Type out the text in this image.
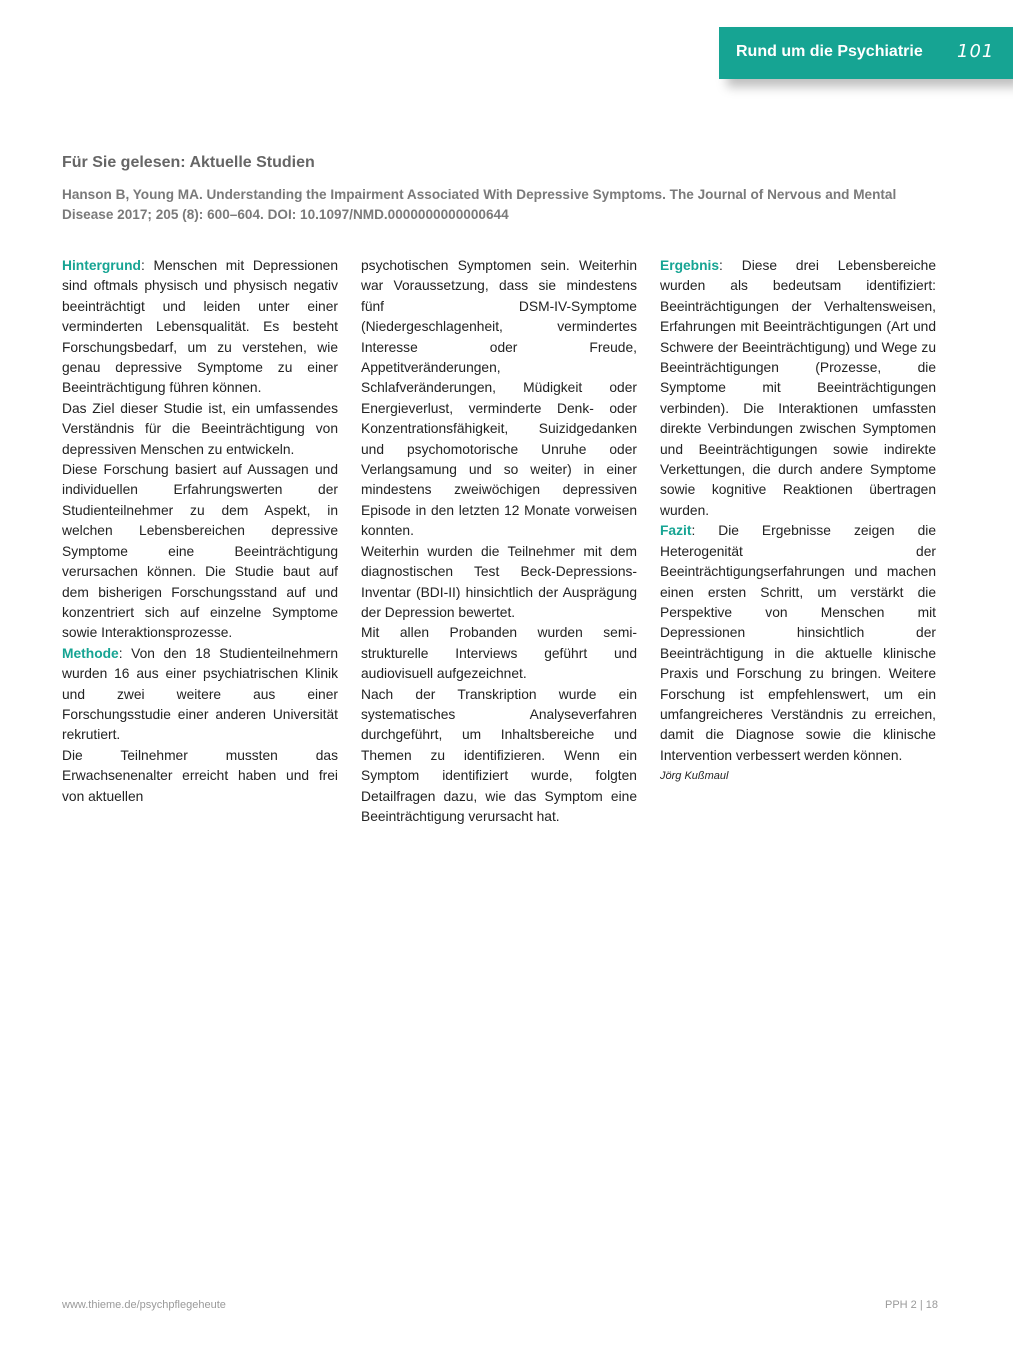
Rund um die Psychiatrie 101
Für Sie gelesen: Aktuelle Studien
Hanson B, Young MA. Understanding the Impairment Associated With Depressive Symptoms. The Journal of Nervous and Mental Disease 2017; 205 (8): 600–604. DOI: 10.1097/NMD.0000000000000644

Hintergrund: Menschen mit Depressionen sind oftmals physisch und physisch negativ beeinträchtigt und leiden unter einer verminderten Lebensqualität. Es besteht Forschungsbedarf, um zu verstehen, wie genau depressive Symptome zu einer Beeinträchtigung führen können.

Das Ziel dieser Studie ist, ein umfassendes Verständnis für die Beeinträchtigung von depressiven Menschen zu entwickeln.

Diese Forschung basiert auf Aussagen und individuellen Erfahrungswerten der Studienteilnehmer zu dem Aspekt, in welchen Lebensbereichen depressive Symptome eine Beeinträchtigung verursachen können. Die Studie baut auf dem bisherigen Forschungsstand auf und konzentriert sich auf einzelne Symptome sowie Interaktionsprozesse.

Methode: Von den 18 Studienteilnehmern wurden 16 aus einer psychiatrischen Klinik und zwei weitere aus einer Forschungsstudie einer anderen Universität rekrutiert.

Die Teilnehmer mussten das Erwachsenenalter erreicht haben und frei von aktuellen

psychotischen Symptomen sein. Weiterhin war Voraussetzung, dass sie mindestens fünf DSM-IV-Symptome (Niedergeschlagenheit, vermindertes Interesse oder Freude, Appetitveränderungen, Schlafveränderungen, Müdigkeit oder Energieverlust, verminderte Denk- oder Konzentrationsfähigkeit, Suizidgedanken und psychomotorische Unruhe oder Verlangsamung und so weiter) in einer mindestens zweiwöchigen depressiven Episode in den letzten 12 Monate vorweisen konnten.

Weiterhin wurden die Teilnehmer mit dem diagnostischen Test Beck-Depressions-Inventar (BDI-II) hinsichtlich der Ausprägung der Depression bewertet.

Mit allen Probanden wurden semi-strukturelle Interviews geführt und audiovisuell aufgezeichnet.

Nach der Transkription wurde ein systematisches Analyseverfahren durchgeführt, um Inhaltsbereiche und Themen zu identifizieren. Wenn ein Symptom identifiziert wurde, folgten Detailfragen dazu, wie das Symptom eine Beeinträchtigung verursacht hat.

Ergebnis: Diese drei Lebensbereiche wurden als bedeutsam identifiziert: Beeinträchtigungen der Verhaltensweisen, Erfahrungen mit Beeinträchtigungen (Art und Schwere der Beeinträchtigung) und Wege zu Beeinträchtigungen (Prozesse, die Symptome mit Beeinträchtigungen verbinden). Die Interaktionen umfassten direkte Verbindungen zwischen Symptomen und Beeinträchtigungen sowie indirekte Verkettungen, die durch andere Symptome sowie kognitive Reaktionen übertragen wurden.

Fazit: Die Ergebnisse zeigen die Heterogenität der Beeinträchtigungserfahrungen und machen einen ersten Schritt, um verstärkt die Perspektive von Menschen mit Depressionen hinsichtlich der Beeinträchtigung in die aktuelle klinische Praxis und Forschung zu bringen. Weitere Forschung ist empfehlenswert, um ein umfangreicheres Verständnis zu erreichen, damit die Diagnose sowie die klinische Intervention verbessert werden können.

Jörg Kußmaul

www.thieme.de/psychpflegeheute	PPH 2 | 18
